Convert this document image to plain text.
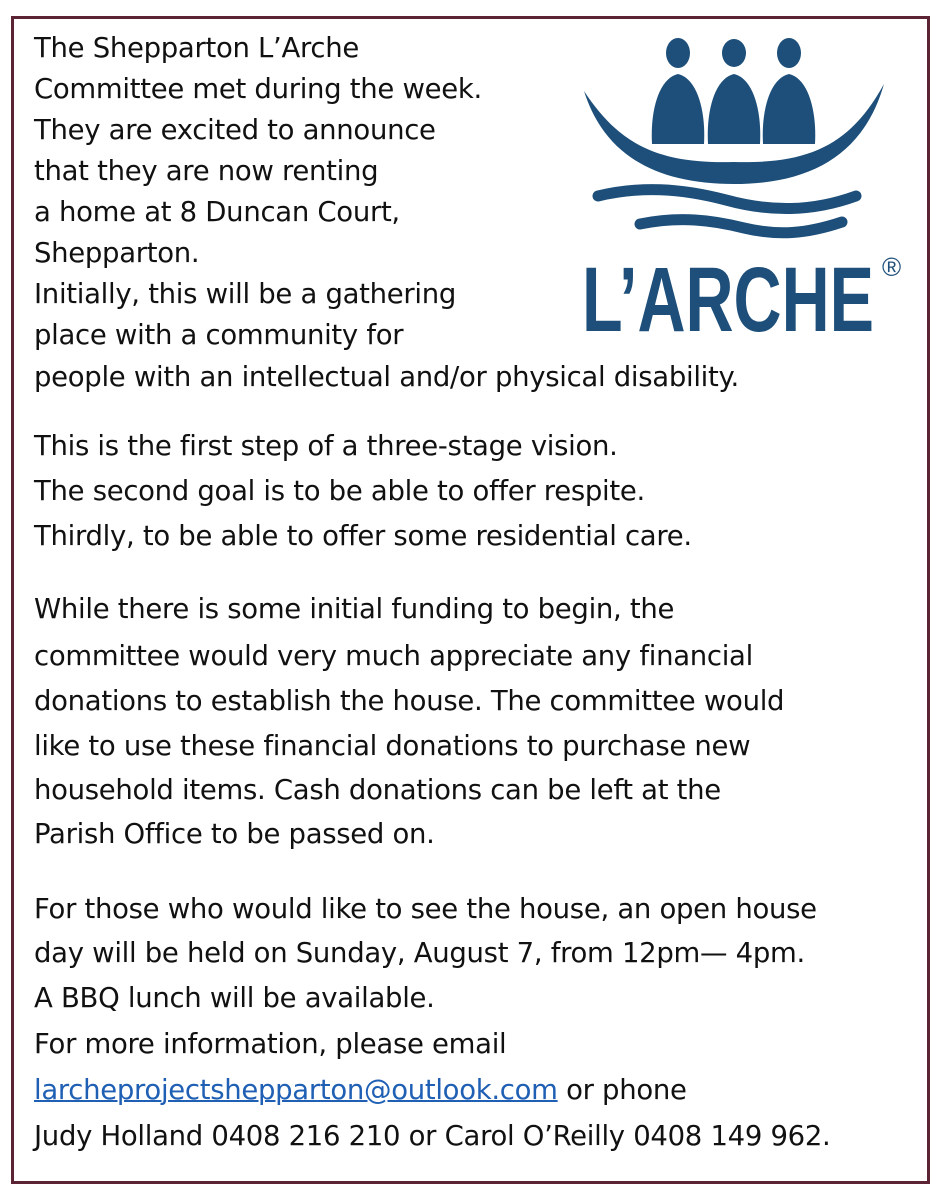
The Shepparton L’Arche
Committee met during the week.
They are excited to announce
that they are now renting
a home at 8 Duncan Court,
Shepparton.
Initially, this will be a gathering
place with a community for
people with an intellectual and/or physical disability.
This is the first step of a three-stage vision.
The second goal is to be able to offer respite.
Thirdly, to be able to offer some residential care.
While there is some initial funding to begin, the
committee would very much appreciate any financial
donations to establish the house. The committee would
like to use these financial donations to purchase new
household items. Cash donations can be left at the
Parish Office to be passed on.
For those who would like to see the house, an open house
day will be held on Sunday, August 7, from 12pm— 4pm.
A BBQ lunch will be available.
For more information, please email
larcheprojectshepparton@outlook.com or phone
Judy Holland 0408 216 210 or Carol O’Reilly 0408 149 962.
L’ARCHE ®
